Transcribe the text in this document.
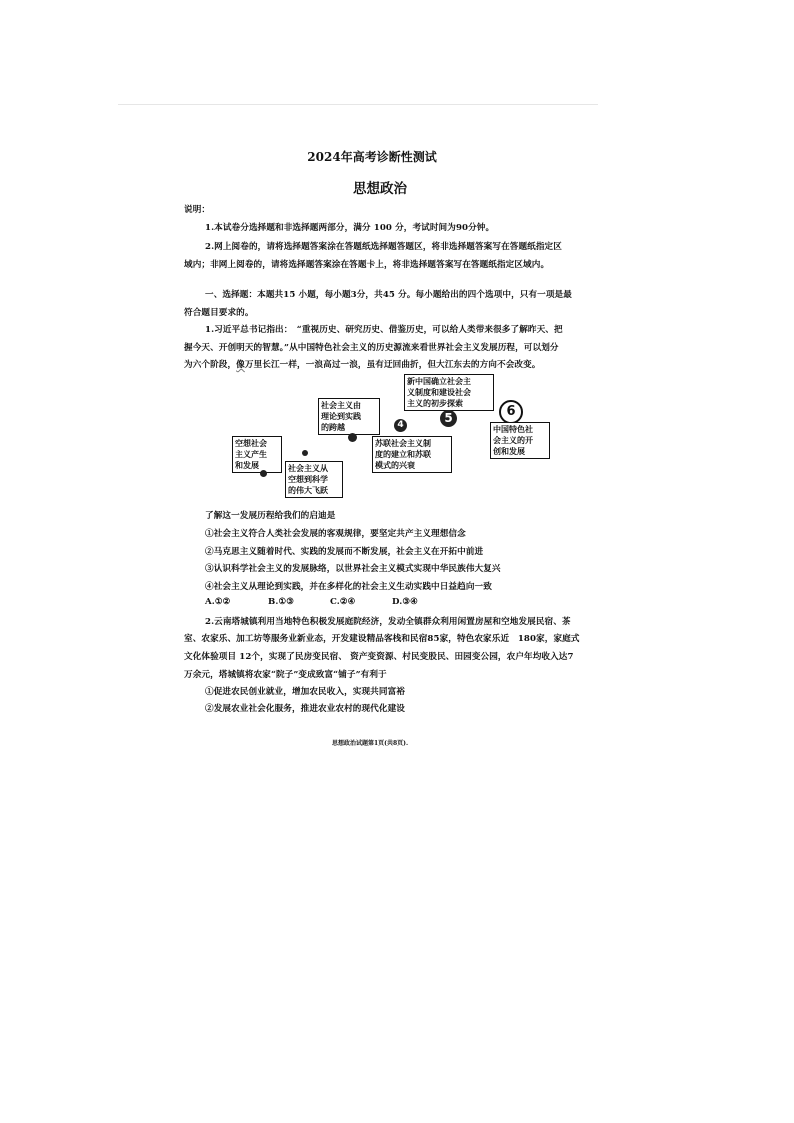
2024年高考诊断性测试
思想政治
说明：
1.本试卷分选择题和非选择题两部分，满分 100 分，考试时间为90分钟。
2.网上阅卷的，请将选择题答案涂在答题纸选择题答题区，将非选择题答案写在答题纸指定区
域内；非网上阅卷的，请将选择题答案涂在答题卡上，将非选择题答案写在答题纸指定区域内。
一、选择题：本题共15 小题，每小题3分，共45 分。每小题给出的四个选项中，只有一项是最
符合题目要求的。
1.习近平总书记指出：　“重视历史、研究历史、借鉴历史，可以给人类带来很多了解昨天、把
握今天、开创明天的智慧。”从中国特色社会主义的历史源流来看世界社会主义发展历程，可以划分
为六个阶段，像万里长江一样，一浪高过一浪，虽有迂回曲折，但大江东去的方向不会改变。
空想社会
主义产生
和发展	社会主义从
空想到科学
的伟大飞跃
社会主义由
理论到实践
的跨越	4
苏联社会主义制
度的建立和苏联
模式的兴衰
新中国确立社会主
义制度和建设社会
主义的初步探索
5	6
中国特色社
会主义的开
创和发展
了解这一发展历程给我们的启迪是
①社会主义符合人类社会发展的客观规律，要坚定共产主义理想信念
②马克思主义随着时代、实践的发展而不断发展，社会主义在开拓中前进
③认识科学社会主义的发展脉络，以世界社会主义模式实现中华民族伟大复兴
④社会主义从理论到实践，并在多样化的社会主义生动实践中日益趋向一致
A.①②	B.①③	C.②④	D.③④
2.云南塔城镇利用当地特色积极发展庭院经济，发动全镇群众利用闲置房屋和空地发展民宿、茶
室、农家乐、加工坊等服务业新业态，开发建设精品客栈和民宿85家，特色农家乐近　180家，家庭式
文化体验项目 12个，实现了民房变民宿、 资产变资源、村民变股民、田园变公园，农户年均收入达7
万余元，塔城镇将农家“院子”变成致富“铺子”有利于
①促进农民创业就业，增加农民收入，实现共同富裕
②发展农业社会化服务，推进农业农村的现代化建设
思想政治试题第1页(共8页).
